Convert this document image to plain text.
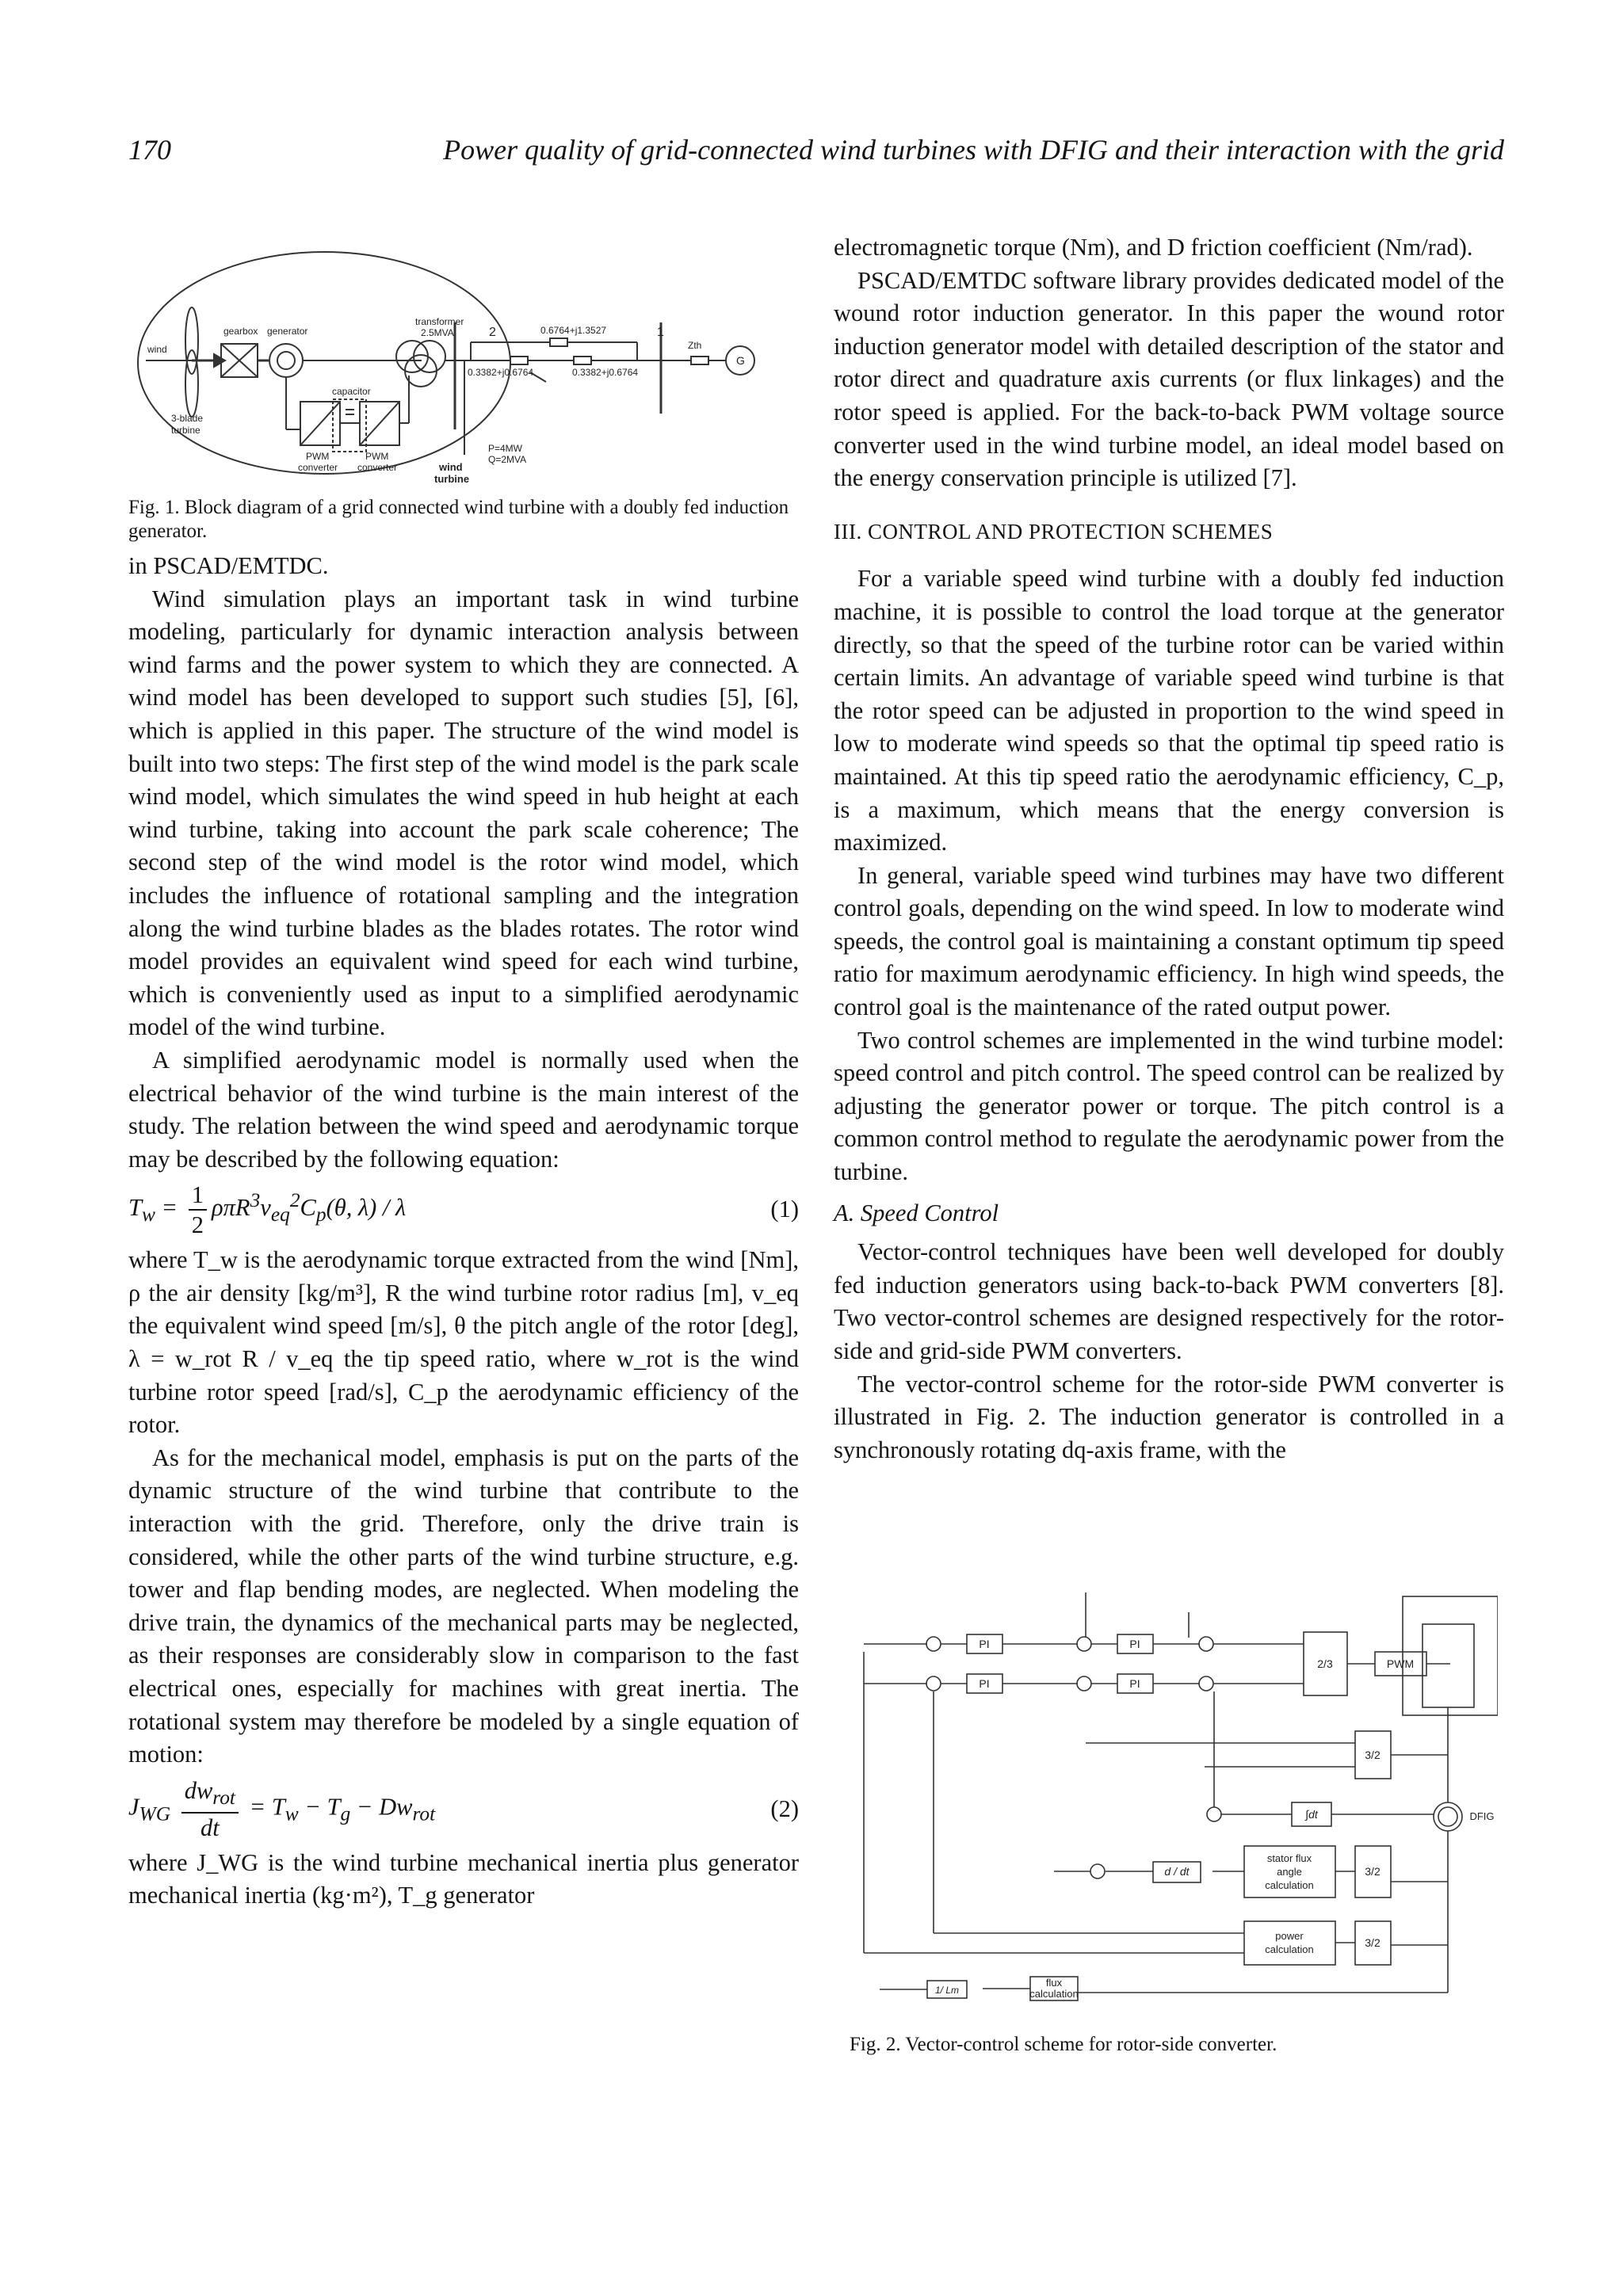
170	Power quality of grid-connected wind turbines with DFIG and their interaction with the grid
wind
gearbox generator
transformer
2.5MVA	2	1
0.6764+j1.3527
0.3382+j0.6764	0.3382+j0.6764
Zth
G
capacitor
3-blade
turbine
PWM
converter
PWM
converter	wind
turbine
P=4MW
Q=2MVA
Fig. 1. Block diagram of a grid connected wind turbine with a doubly fed induction generator.

in PSCAD/EMTDC.

Wind simulation plays an important task in wind turbine modeling, particularly for dynamic interaction analysis between wind farms and the power system to which they are connected. A wind model has been developed to support such studies [5], [6], which is applied in this paper. The structure of the wind model is built into two steps: The first step of the wind model is the park scale wind model, which simulates the wind speed in hub height at each wind turbine, taking into account the park scale coherence; The second step of the wind model is the rotor wind model, which includes the influence of rotational sampling and the integration along the wind turbine blades as the blades rotates. The rotor wind model provides an equivalent wind speed for each wind turbine, which is conveniently used as input to a simplified aerodynamic model of the wind turbine.

A simplified aerodynamic model is normally used when the electrical behavior of the wind turbine is the main interest of the study. The relation between the wind speed and aerodynamic torque may be described by the following equation:

$T_w = \frac{1}{2} \rho\pi R^3v_{eq}^2C_p(\theta$, λ) / λ	(1)

where T_w is the aerodynamic torque extracted from the wind [Nm], ρ the air density [kg/m³], R the wind turbine rotor radius [m], v_eq the equivalent wind speed [m/s], θ the pitch angle of the rotor [deg], λ = w_rot R / v_eq the tip speed ratio, where w_rot is the wind turbine rotor speed [rad/s], C_p the aerodynamic efficiency of the rotor.

As for the mechanical model, emphasis is put on the parts of the dynamic structure of the wind turbine that contribute to the interaction with the grid. Therefore, only the drive train is considered, while the other parts of the wind turbine structure, e.g. tower and flap bending modes, are neglected. When modeling the drive train, the dynamics of the mechanical parts may be neglected, as their responses are considerably slow in comparison to the fast electrical ones, especially for machines with great inertia. The rotational system may therefore be modeled by a single equation of motion:

$J_{WG} \frac{dw_{rot}}{dt} = T_w - T_g - Dw_{rot}$	(2)

where J_WG is the wind turbine mechanical inertia plus generator mechanical inertia (kg·m²), T_g generator

electromagnetic torque (Nm), and D friction coefficient (Nm/rad).

PSCAD/EMTDC software library provides dedicated model of the wound rotor induction generator. In this paper the wound rotor induction generator model with detailed description of the stator and rotor direct and quadrature axis currents (or flux linkages) and the rotor speed is applied. For the back-to-back PWM voltage source converter used in the wind turbine model, an ideal model based on the energy conservation principle is utilized [7].

III. CONTROL AND PROTECTION SCHEMES

For a variable speed wind turbine with a doubly fed induction machine, it is possible to control the load torque at the generator directly, so that the speed of the turbine rotor can be varied within certain limits. An advantage of variable speed wind turbine is that the rotor speed can be adjusted in proportion to the wind speed in low to moderate wind speeds so that the optimal tip speed ratio is maintained. At this tip speed ratio the aerodynamic efficiency, C_p, is a maximum, which means that the energy conversion is maximized.

In general, variable speed wind turbines may have two different control goals, depending on the wind speed. In low to moderate wind speeds, the control goal is maintaining a constant optimum tip speed ratio for maximum aerodynamic efficiency. In high wind speeds, the control goal is the maintenance of the rated output power.

Two control schemes are implemented in the wind turbine model: speed control and pitch control. The speed control can be realized by adjusting the generator power or torque. The pitch control is a common control method to regulate the aerodynamic power from the turbine.

A. Speed Control

Vector-control techniques have been well developed for doubly fed induction generators using back-to-back PWM converters [8]. Two vector-control schemes are designed respectively for the rotor-side and grid-side PWM converters.

The vector-control scheme for the rotor-side PWM converter is illustrated in Fig. 2. The induction generator is controlled in a synchronously rotating dq-axis frame, with the

PI
PI
PI
PI
2/3	PWM
3/2
3/2
3/2
DFIG
∫dt
d / dt
stator flux
angle
calculation
power
calculation
flux
calculation
1/ Lm
Fig. 2. Vector-control scheme for rotor-side converter.
